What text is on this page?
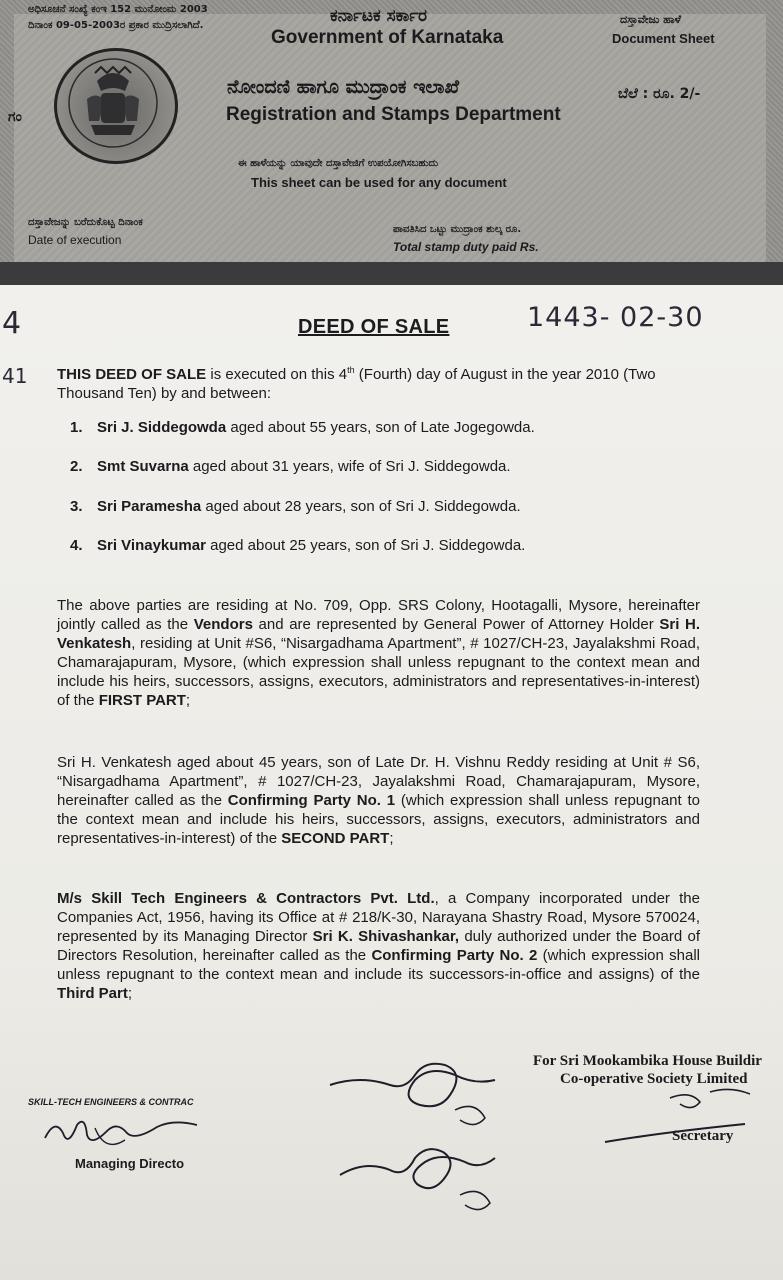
ಅಧಿಸೂಚನೆ ಸಂಖ್ಯೆ ಕಂಇ 152 ಮುನೋಂಮ 2003
ದಿನಾಂಕ 09-05-2003ರ ಪ್ರಕಾರ ಮುದ್ರಿಸಲಾಗಿದೆ.	ಕರ್ನಾಟಕ ಸರ್ಕಾರ
Government of Karnataka
ದಸ್ತಾವೇಜು ಹಾಳೆ
Document Sheet
ಗಂ
ನೋಂದಣಿ ಹಾಗೂ ಮುದ್ರಾಂಕ ಇಲಾಖೆ
Registration and Stamps Department
ಬೆಲೆ : ರೂ. 2/-
ಈ ಹಾಳೆಯನ್ನು ಯಾವುದೇ ದಸ್ತಾವೇಜಿಗೆ ಉಪಯೋಗಿಸಬಹುದು
This sheet can be used for any document
ದಸ್ತಾವೇಜನ್ನು ಬರೆದುಕೊಟ್ಟ ದಿನಾಂಕ
Date of execution
ಪಾವತಿಸಿದ ಒಟ್ಟು ಮುದ್ರಾಂಕ ಶುಲ್ಕ ರೂ.
Total stamp duty paid Rs.
4
41
DEED OF SALE	1443- 02-30
THIS DEED OF SALE is executed on this 4th (Fourth) day of August in the year 2010 (Two Thousand Ten) by and between:
1. Sri J. Siddegowda aged about 55 years, son of Late Jogegowda.
2. Smt Suvarna aged about 31 years, wife of Sri J. Siddegowda.
3. Sri Paramesha aged about 28 years, son of Sri J. Siddegowda.
4. Sri Vinaykumar aged about 25 years, son of Sri J. Siddegowda.
The above parties are residing at No. 709, Opp. SRS Colony, Hootagalli, Mysore, hereinafter jointly called as the Vendors and are represented by General Power of Attorney Holder Sri H. Venkatesh, residing at Unit #S6, “Nisargadhama Apartment”, # 1027/CH-23, Jayalakshmi Road, Chamarajapuram, Mysore, (which expression shall unless repugnant to the context mean and include his heirs, successors, assigns, executors, administrators and representatives-in-interest) of the FIRST PART;
Sri H. Venkatesh aged about 45 years, son of Late Dr. H. Vishnu Reddy residing at Unit # S6, “Nisargadhama Apartment”, # 1027/CH-23, Jayalakshmi Road, Chamarajapuram, Mysore, hereinafter called as the Confirming Party No. 1 (which expression shall unless repugnant to the context mean and include his heirs, successors, assigns, executors, administrators and representatives-in-interest) of the SECOND PART;
M/s Skill Tech Engineers & Contractors Pvt. Ltd., a Company incorporated under the Companies Act, 1956, having its Office at # 218/K-30, Narayana Shastry Road, Mysore 570024, represented by its Managing Director Sri K. Shivashankar, duly authorized under the Board of Directors Resolution, hereinafter called as the Confirming Party No. 2 (which expression shall unless repugnant to the context mean and include its successors-in-office and assigns) of the Third Part;
For Sri Mookambika House Buildir
Co-operative Society Limited
Secretary
SKILL-TECH ENGINEERS & CONTRAC
Managing Directo
